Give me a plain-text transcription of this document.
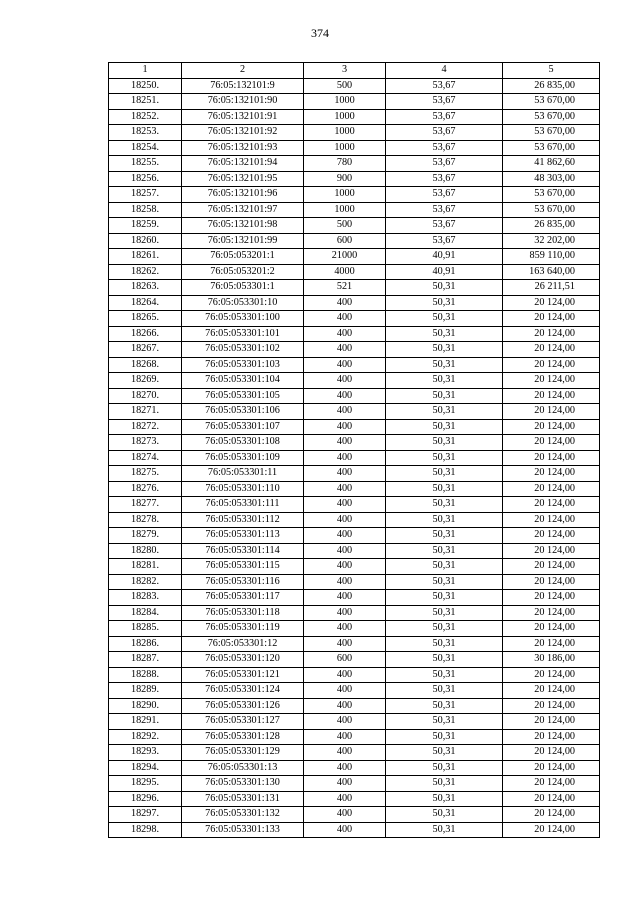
374
1	2	3	4	5
18250.	76:05:132101:9	500	53,67	26 835,00
18251.	76:05:132101:90	1000	53,67	53 670,00
18252.	76:05:132101:91	1000	53,67	53 670,00
18253.	76:05:132101:92	1000	53,67	53 670,00
18254.	76:05:132101:93	1000	53,67	53 670,00
18255.	76:05:132101:94	780	53,67	41 862,60
18256.	76:05:132101:95	900	53,67	48 303,00
18257.	76:05:132101:96	1000	53,67	53 670,00
18258.	76:05:132101:97	1000	53,67	53 670,00
18259.	76:05:132101:98	500	53,67	26 835,00
18260.	76:05:132101:99	600	53,67	32 202,00
18261.	76:05:053201:1	21000	40,91	859 110,00
18262.	76:05:053201:2	4000	40,91	163 640,00
18263.	76:05:053301:1	521	50,31	26 211,51
18264.	76:05:053301:10	400	50,31	20 124,00
18265.	76:05:053301:100	400	50,31	20 124,00
18266.	76:05:053301:101	400	50,31	20 124,00
18267.	76:05:053301:102	400	50,31	20 124,00
18268.	76:05:053301:103	400	50,31	20 124,00
18269.	76:05:053301:104	400	50,31	20 124,00
18270.	76:05:053301:105	400	50,31	20 124,00
18271.	76:05:053301:106	400	50,31	20 124,00
18272.	76:05:053301:107	400	50,31	20 124,00
18273.	76:05:053301:108	400	50,31	20 124,00
18274.	76:05:053301:109	400	50,31	20 124,00
18275.	76:05:053301:11	400	50,31	20 124,00
18276.	76:05:053301:110	400	50,31	20 124,00
18277.	76:05:053301:111	400	50,31	20 124,00
18278.	76:05:053301:112	400	50,31	20 124,00
18279.	76:05:053301:113	400	50,31	20 124,00
18280.	76:05:053301:114	400	50,31	20 124,00
18281.	76:05:053301:115	400	50,31	20 124,00
18282.	76:05:053301:116	400	50,31	20 124,00
18283.	76:05:053301:117	400	50,31	20 124,00
18284.	76:05:053301:118	400	50,31	20 124,00
18285.	76:05:053301:119	400	50,31	20 124,00
18286.	76:05:053301:12	400	50,31	20 124,00
18287.	76:05:053301:120	600	50,31	30 186,00
18288.	76:05:053301:121	400	50,31	20 124,00
18289.	76:05:053301:124	400	50,31	20 124,00
18290.	76:05:053301:126	400	50,31	20 124,00
18291.	76:05:053301:127	400	50,31	20 124,00
18292.	76:05:053301:128	400	50,31	20 124,00
18293.	76:05:053301:129	400	50,31	20 124,00
18294.	76:05:053301:13	400	50,31	20 124,00
18295.	76:05:053301:130	400	50,31	20 124,00
18296.	76:05:053301:131	400	50,31	20 124,00
18297.	76:05:053301:132	400	50,31	20 124,00
18298.	76:05:053301:133	400	50,31	20 124,00
